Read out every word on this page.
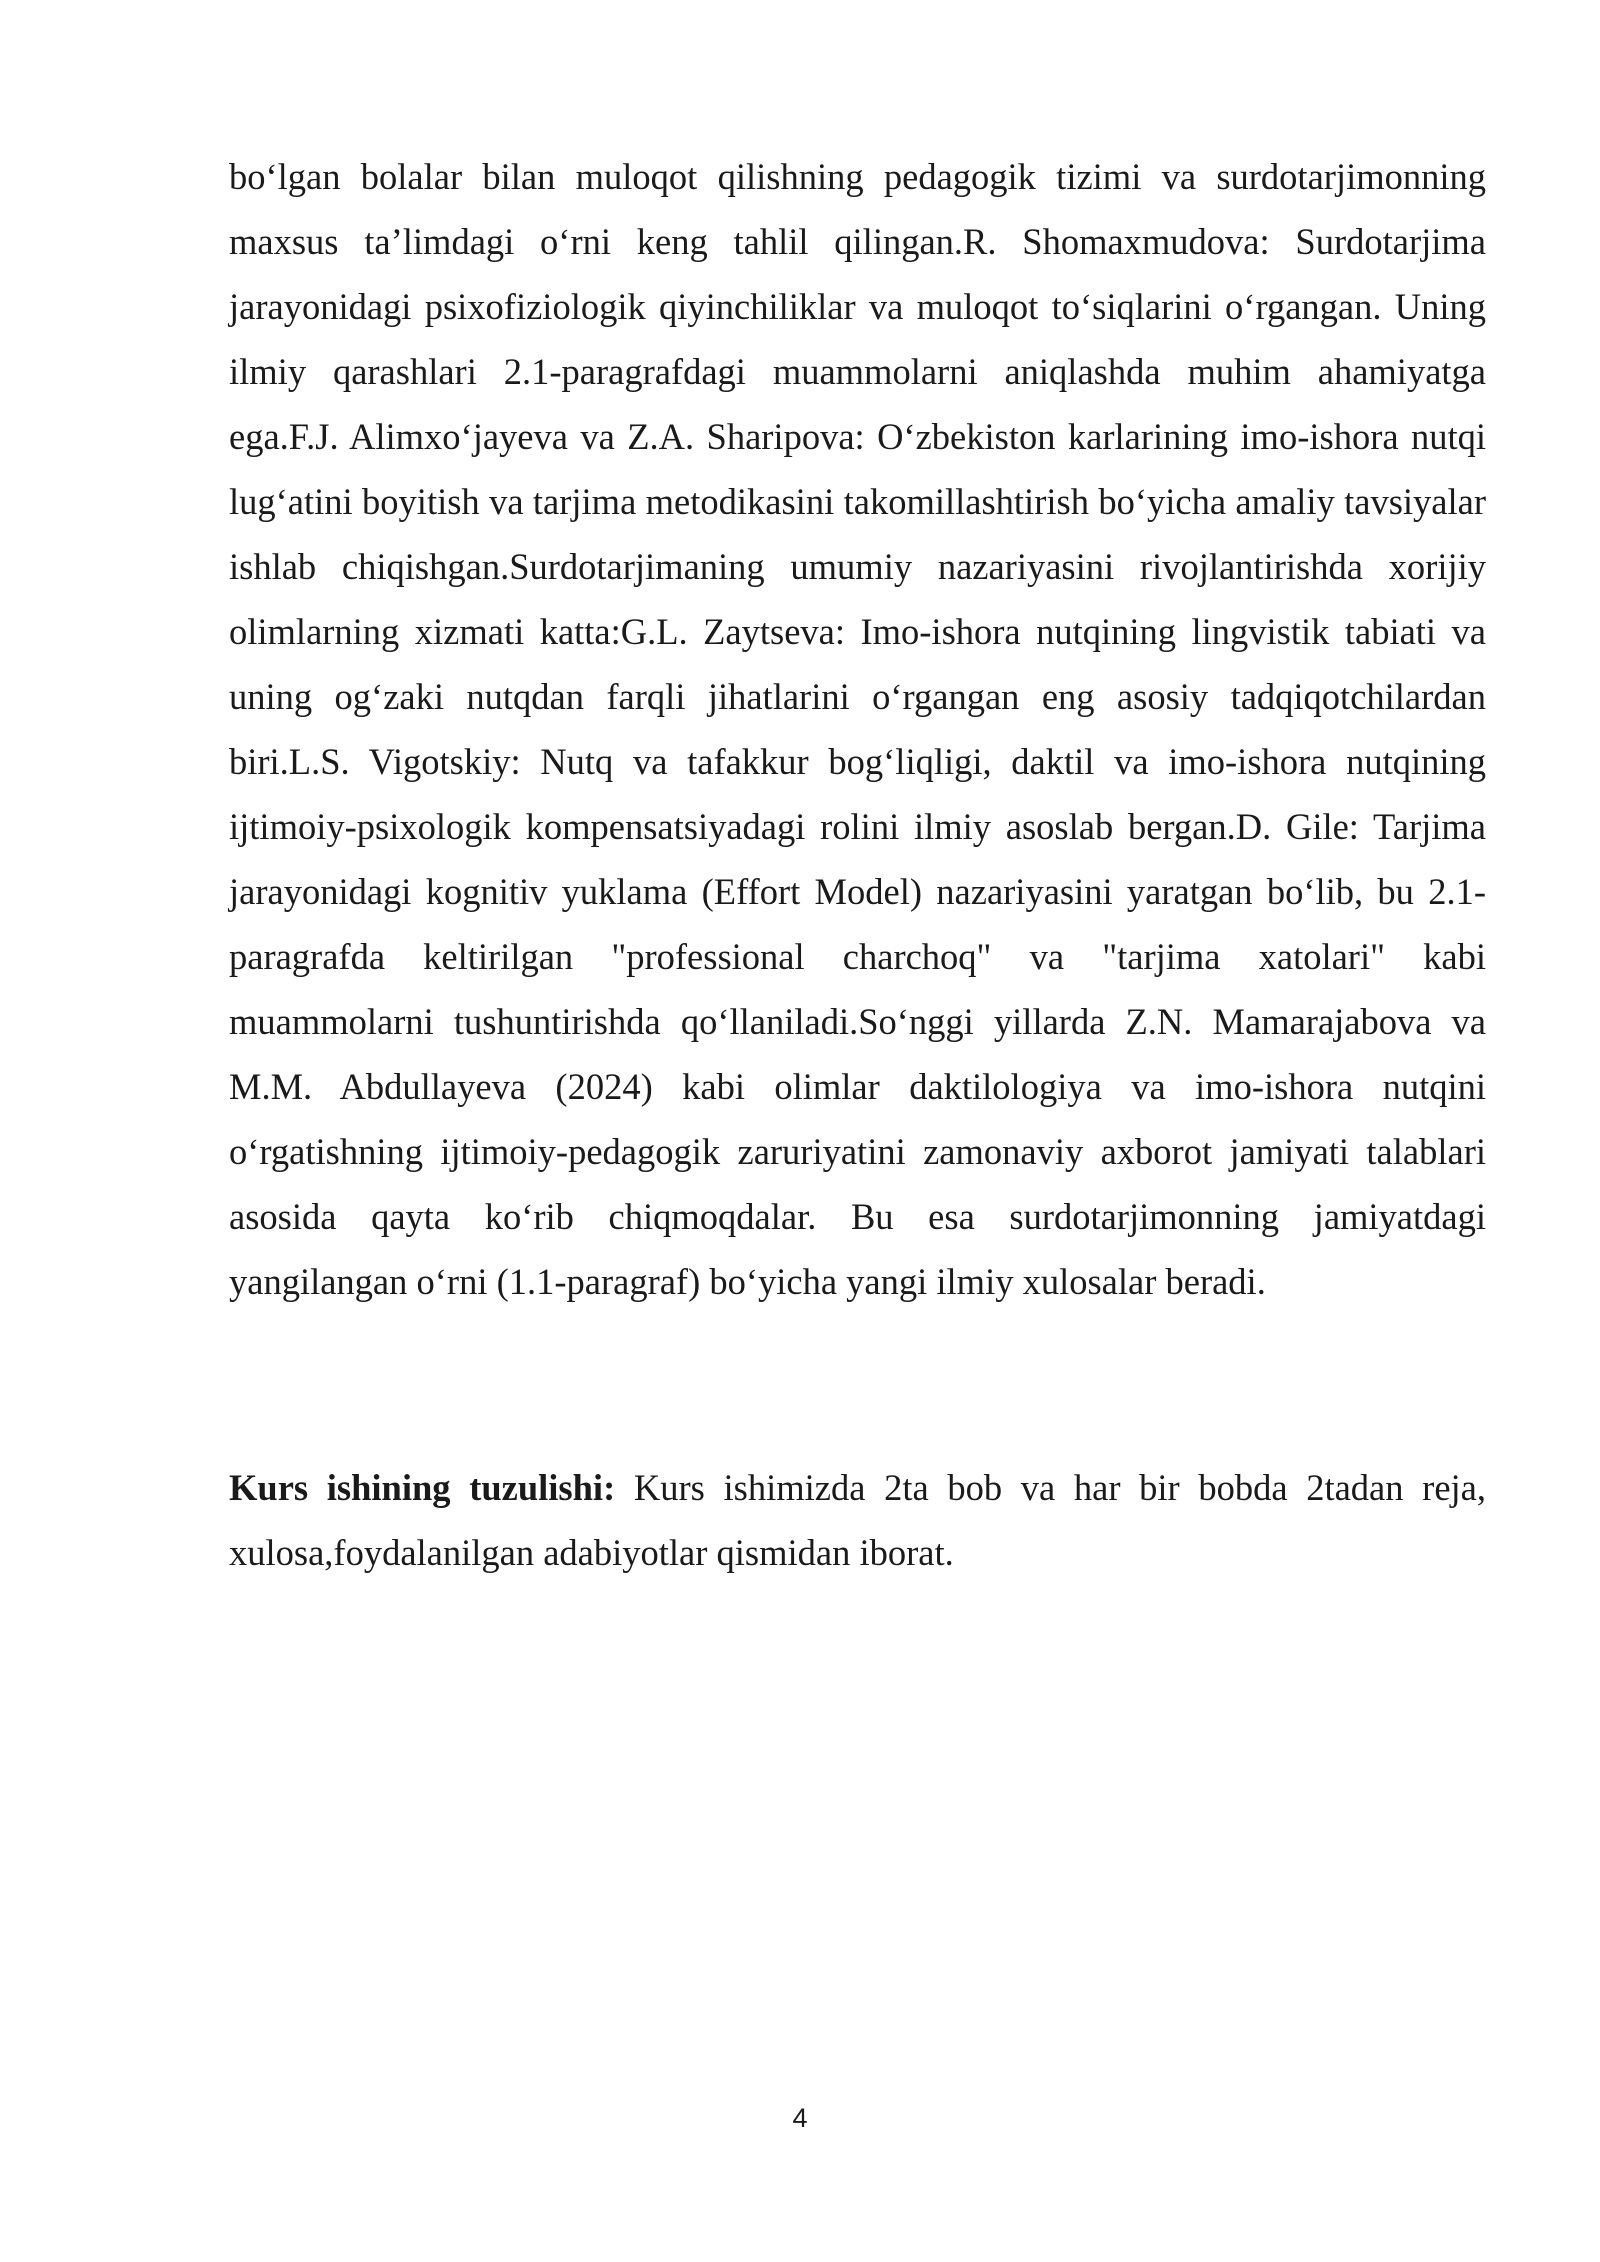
bo‘lgan bolalar bilan muloqot qilishning pedagogik tizimi va surdotarjimonning maxsus ta’limdagi o‘rni keng tahlil qilingan.R. Shomaxmudova: Surdotarjima jarayonidagi psixofiziologik qiyinchiliklar va muloqot to‘siqlarini o‘rgangan. Uning ilmiy qarashlari 2.1-paragrafdagi muammolarni aniqlashda muhim ahamiyatga ega.F.J. Alimxo‘jayeva va Z.A. Sharipova: O‘zbekiston karlarining imo-ishora nutqi lug‘atini boyitish va tarjima metodikasini takomillashtirish bo‘yicha amaliy tavsiyalar ishlab chiqishgan.Surdotarjimaning umumiy nazariyasini rivojlantirishda xorijiy olimlarning xizmati katta:G.L. Zaytseva: Imo-ishora nutqining lingvistik tabiati va uning og‘zaki nutqdan farqli jihatlarini o‘rgangan eng asosiy tadqiqotchilardan biri.L.S. Vigotskiy: Nutq va tafakkur bog‘liqligi, daktil va imo-ishora nutqining ijtimoiy-psixologik kompensatsiyadagi rolini ilmiy asoslab bergan.D. Gile: Tarjima jarayonidagi kognitiv yuklama (Effort Model) nazariyasini yaratgan bo‘lib, bu 2.1-paragrafda keltirilgan "professional charchoq" va "tarjima xatolari" kabi muammolarni tushuntirishda qo‘llaniladi.So‘nggi yillarda Z.N. Mamarajabova va M.M. Abdullayeva (2024) kabi olimlar daktilologiya va imo-ishora nutqini o‘rgatishning ijtimoiy-pedagogik zaruriyatini zamonaviy axborot jamiyati talablari asosida qayta ko‘rib chiqmoqdalar. Bu esa surdotarjimonning jamiyatdagi yangilangan o‘rni (1.1-paragraf) bo‘yicha yangi ilmiy xulosalar beradi.

Kurs ishining tuzulishi: Kurs ishimizda 2ta bob va har bir bobda 2tadan reja, xulosa,foydalanilgan adabiyotlar qismidan iborat.

4
